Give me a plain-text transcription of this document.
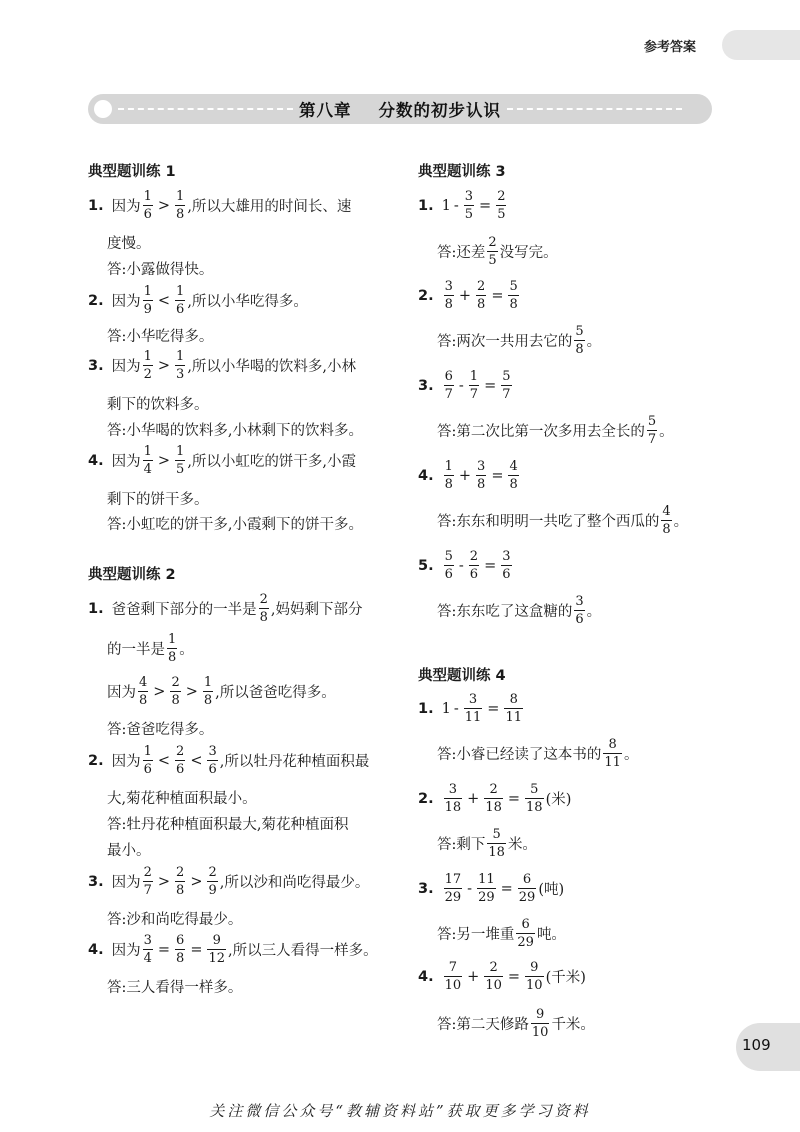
参考答案
第八章    分数的初步认识
典型题训练 1
1. 因为 $\frac{1}{6} > \frac{1}{8}$ ,所以大雄用的时间长、速
度慢。
答:小露做得快。
2. 因为 $\frac{1}{9} < \frac{1}{6}$ ,所以小华吃得多。
答:小华吃得多。
3. 因为 $\frac{1}{2} > \frac{1}{3}$ ,所以小华喝的饮料多,小林
剩下的饮料多。
答:小华喝的饮料多,小林剩下的饮料多。
4. 因为 $\frac{1}{4} > \frac{1}{5}$ ,所以小虹吃的饼干多,小霞
剩下的饼干多。
答:小虹吃的饼干多,小霞剩下的饼干多。
典型题训练 2
1. 爸爸剩下部分的一半是 $\frac{2}{8}$ ,妈妈剩下部分
的一半是 $\frac{1}{8}$ 。
因为 $\frac{4}{8} > \frac{2}{8} > \frac{1}{8}$ ,所以爸爸吃得多。
答:爸爸吃得多。
2. 因为 $\frac{1}{6} < \frac{2}{6} < \frac{3}{6}$ ,所以牡丹花种植面积最
大,菊花种植面积最小。
答:牡丹花种植面积最大,菊花种植面积
最小。
3. 因为 $\frac{2}{7} > \frac{2}{8} > \frac{2}{9}$ ,所以沙和尚吃得最少。
答:沙和尚吃得最少。
4. 因为 $\frac{3}{4} = \frac{6}{8} = \frac{9}{12}$ ,所以三人看得一样多。
答:三人看得一样多。
典型题训练 3
1. $1 - \frac{3}{5} = \frac{2}{5}$
答:还差 $\frac{2}{5}$ 没写完。
2. $\frac{3}{8} + \frac{2}{8} = \frac{5}{8}$
答:两次一共用去它的 $\frac{5}{8}$ 。
3. $\frac{6}{7} - \frac{1}{7} = \frac{5}{7}$
答:第二次比第一次多用去全长的 $\frac{5}{7}$ 。
4. $\frac{1}{8} + \frac{3}{8} = \frac{4}{8}$
答:东东和明明一共吃了整个西瓜的 $\frac{4}{8}$ 。
5. $\frac{5}{6} - \frac{2}{6} = \frac{3}{6}$
答:东东吃了这盒糖的 $\frac{3}{6}$ 。
典型题训练 4
1. $1 - \frac{3}{11} = \frac{8}{11}$
答:小睿已经读了这本书的 $\frac{8}{11}$ 。
2. $\frac{3}{18} + \frac{2}{18} = \frac{5}{18}$ (米)
答:剩下 $\frac{5}{18}$ 米。
3. $\frac{17}{29} - \frac{11}{29} = \frac{6}{29}$ (吨)
答:另一堆重 $\frac{6}{29}$ 吨。
4. $\frac{7}{10} + \frac{2}{10} = \frac{9}{10}$ (千米)
答:第二天修路 $\frac{9}{10}$ 千米。
109
关注微信公众号“教辅资料站”获取更多学习资料
